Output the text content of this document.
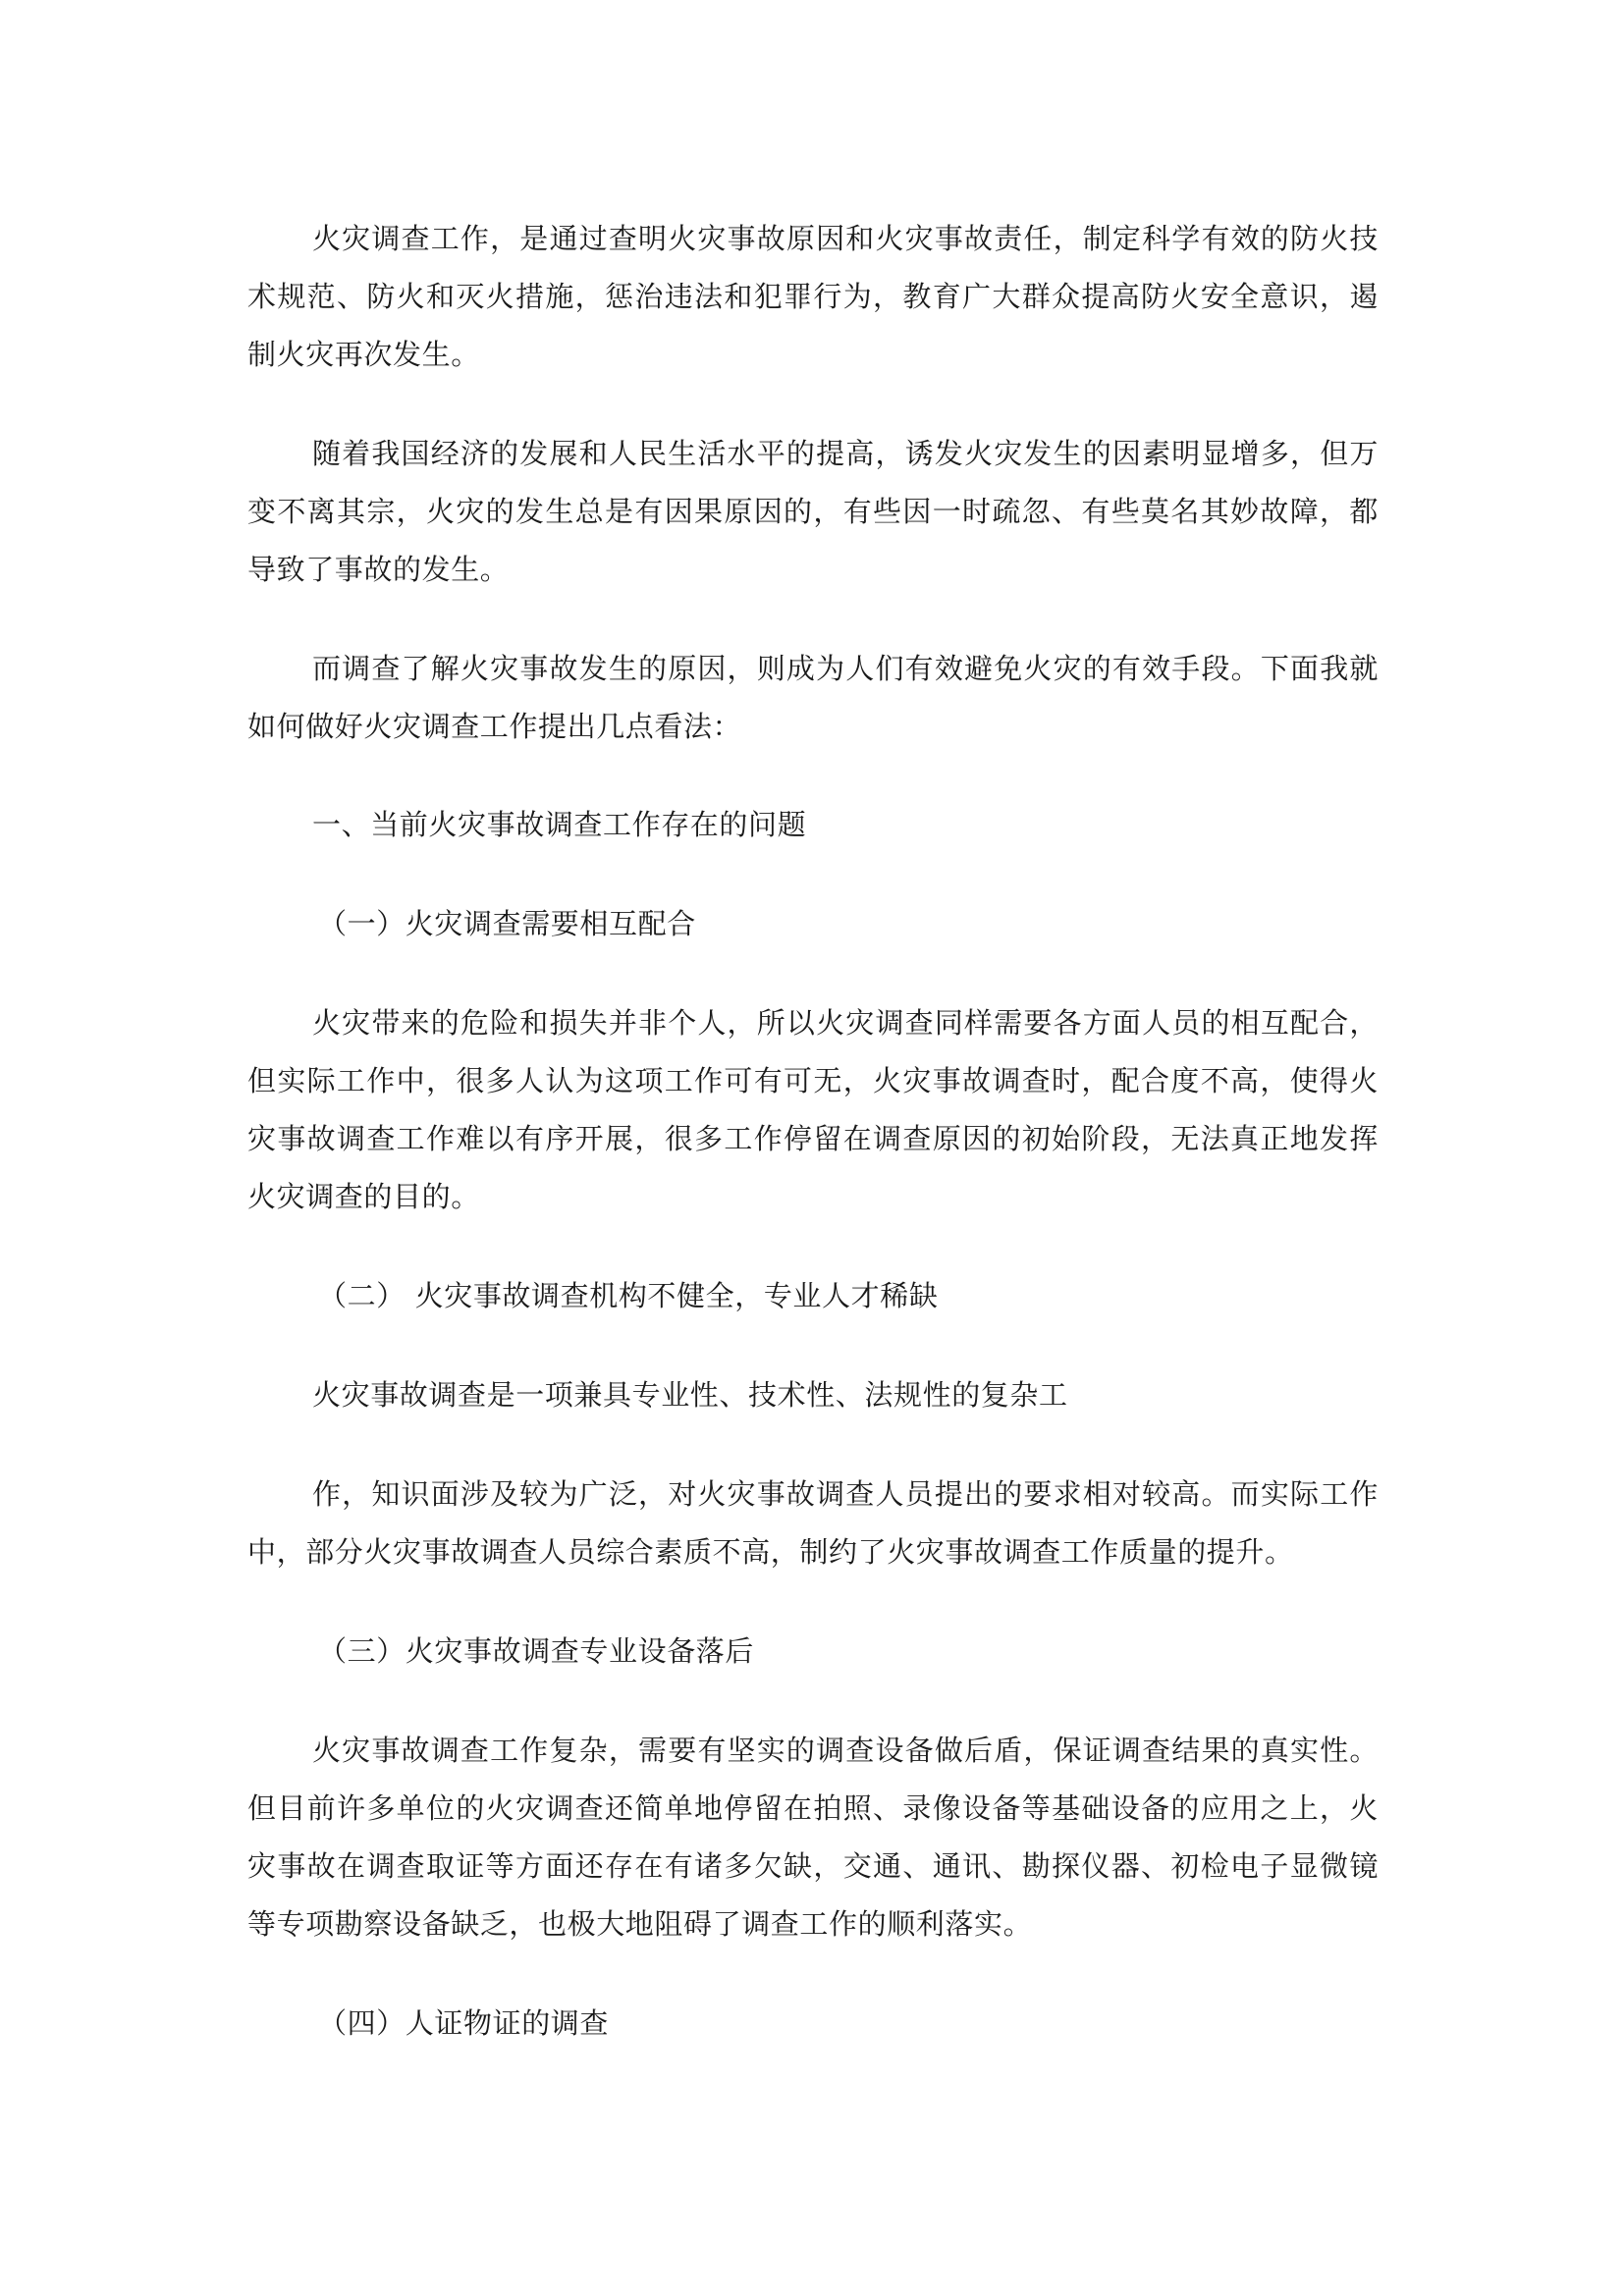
火灾调查工作，是通过查明火灾事故原因和火灾事故责任，制定科学有效的防火技术规范、防火和灭火措施，惩治违法和犯罪行为，教育广大群众提高防火安全意识，遏制火灾再次发生。

随着我国经济的发展和人民生活水平的提高，诱发火灾发生的因素明显增多，但万变不离其宗，火灾的发生总是有因果原因的，有些因一时疏忽、有些莫名其妙故障，都导致了事故的发生。

而调查了解火灾事故发生的原因，则成为人们有效避免火灾的有效手段。下面我就如何做好火灾调查工作提出几点看法：

一、当前火灾事故调查工作存在的问题

（一）火灾调查需要相互配合

火灾带来的危险和损失并非个人，所以火灾调查同样需要各方面人员的相互配合，但实际工作中，很多人认为这项工作可有可无，火灾事故调查时，配合度不高，使得火灾事故调查工作难以有序开展，很多工作停留在调查原因的初始阶段，无法真正地发挥火灾调查的目的。

（二） 火灾事故调查机构不健全，专业人才稀缺

火灾事故调查是一项兼具专业性、技术性、法规性的复杂工

作，知识面涉及较为广泛，对火灾事故调查人员提出的要求相对较高。而实际工作中，部分火灾事故调查人员综合素质不高，制约了火灾事故调查工作质量的提升。

（三）火灾事故调查专业设备落后

火灾事故调查工作复杂，需要有坚实的调查设备做后盾，保证调查结果的真实性。但目前许多单位的火灾调查还简单地停留在拍照、录像设备等基础设备的应用之上，火灾事故在调查取证等方面还存在有诸多欠缺，交通、通讯、勘探仪器、初检电子显微镜等专项勘察设备缺乏，也极大地阻碍了调查工作的顺利落实。

（四）人证物证的调查
